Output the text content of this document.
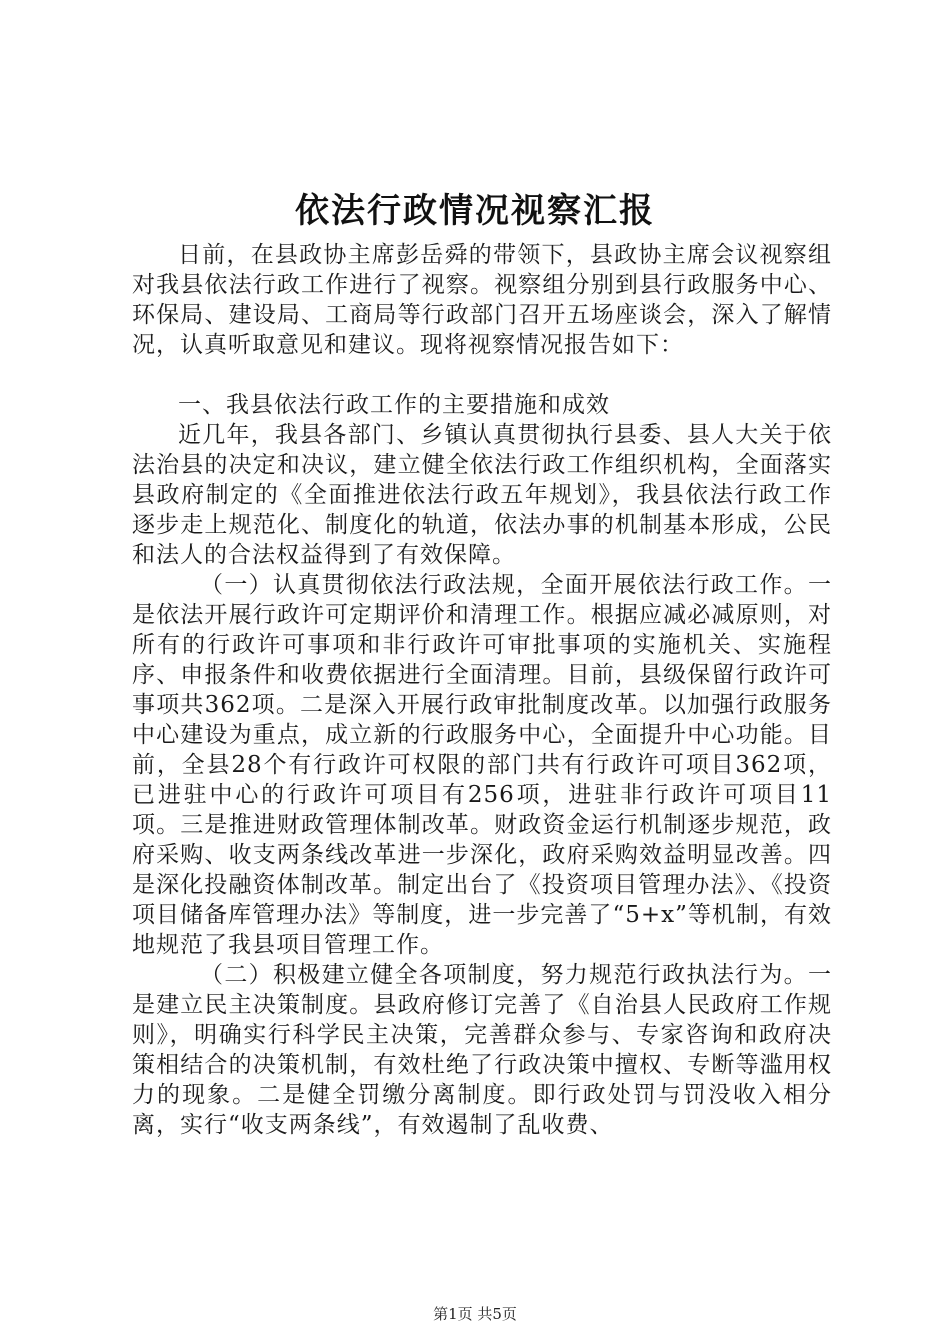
依法行政情况视察汇报

日前，在县政协主席彭岳舜的带领下，县政协主席会议视察组对我县依法行政工作进行了视察。视察组分别到县行政服务中心、环保局、建设局、工商局等行政部门召开五场座谈会，深入了解情况，认真听取意见和建议。现将视察情况报告如下：

一、我县依法行政工作的主要措施和成效

近几年，我县各部门、乡镇认真贯彻执行县委、县人大关于依法治县的决定和决议，建立健全依法行政工作组织机构，全面落实县政府制定的《全面推进依法行政五年规划》，我县依法行政工作逐步走上规范化、制度化的轨道，依法办事的机制基本形成，公民和法人的合法权益得到了有效保障。

（一）认真贯彻依法行政法规，全面开展依法行政工作。一是依法开展行政许可定期评价和清理工作。根据应减必减原则，对所有的行政许可事项和非行政许可审批事项的实施机关、实施程序、申报条件和收费依据进行全面清理。目前，县级保留行政许可事项共362项。二是深入开展行政审批制度改革。以加强行政服务中心建设为重点，成立新的行政服务中心，全面提升中心功能。目前，全县28个有行政许可权限的部门共有行政许可项目362项，已进驻中心的行政许可项目有256项，进驻非行政许可项目11项。三是推进财政管理体制改革。财政资金运行机制逐步规范，政府采购、收支两条线改革进一步深化，政府采购效益明显改善。四是深化投融资体制改革。制定出台了《投资项目管理办法》、《投资项目储备库管理办法》等制度，进一步完善了“5+x”等机制，有效地规范了我县项目管理工作。

（二）积极建立健全各项制度，努力规范行政执法行为。一是建立民主决策制度。县政府修订完善了《自治县人民政府工作规则》，明确实行科学民主决策，完善群众参与、专家咨询和政府决策相结合的决策机制，有效杜绝了行政决策中擅权、专断等滥用权力的现象。二是健全罚缴分离制度。即行政处罚与罚没收入相分离，实行“收支两条线”，有效遏制了乱收费、

第1页 共5页
